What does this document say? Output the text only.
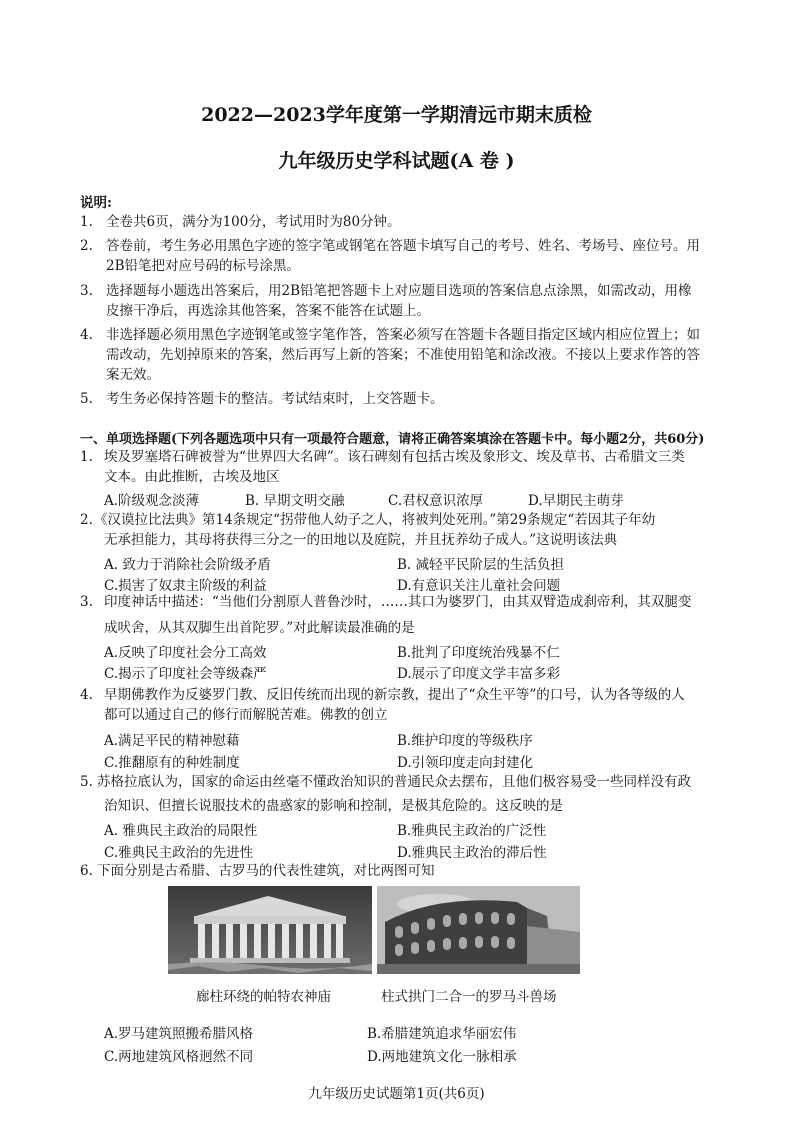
2022—2023学年度第一学期清远市期末质检
九年级历史学科试题(A 卷 )
说明:
1. 全卷共6页，满分为100分，考试用时为80分钟。
2. 答卷前，考生务必用黑色字迹的签字笔或钢笔在答题卡填写自己的考号、姓名、考场号、座位号。用
2B铅笔把对应号码的标号涂黑。
3. 选择题每小题选出答案后，用2B铅笔把答题卡上对应题目选项的答案信息点涂黑，如需改动，用橡
皮擦干净后，再选涂其他答案，答案不能答在试题上。
4. 非选择题必须用黑色字迹钢笔或签字笔作答，答案必须写在答题卡各题目指定区域内相应位置上；如
需改动，先划掉原来的答案，然后再写上新的答案；不准使用铅笔和涂改液。不接以上要求作答的答
案无效。
5. 考生务必保持答题卡的整洁。考试结束时，上交答题卡。
一、单项选择题(下列各题选项中只有一项最符合题意，请将正确答案填涂在答题卡中。每小题2分，共60分)
1. 埃及罗塞塔石碑被誉为“世界四大名碑”。该石碑刻有包括古埃及象形文、埃及草书、古希腊文三类
文本。由此推断，古埃及地区
A.阶级观念淡薄	B. 早期文明交融	C.君权意识浓厚	D.早期民主萌芽
2. 《汉谟拉比法典》第14条规定“拐带他人幼子之人，将被判处死刑。”第29条规定“若因其子年幼
无承担能力，其母将获得三分之一的田地以及庭院，并且抚养幼子成人。”这说明该法典
A. 致力于消除社会阶级矛盾	B. 减轻平民阶层的生活负担
C.损害了奴隶主阶级的利益	D.有意识关注儿童社会问题
3. 印度神话中描述：“当他们分割原人普鲁沙时，……其口为婆罗门，由其双臂造成刹帝利，其双腿变
成吠舍，从其双脚生出首陀罗。”对此解读最准确的是
A.反映了印度社会分工高效	B.批判了印度统治残暴不仁
C.揭示了印度社会等级森严	D.展示了印度文学丰富多彩
4. 早期佛教作为反婆罗门教、反旧传统而出现的新宗教，提出了“众生平等”的口号，认为各等级的人
都可以通过自己的修行而解脱苦难。佛教的创立
A.满足平民的精神慰藉	B.维护印度的等级秩序
C.推翻原有的种姓制度	D.引领印度走向封建化
5. 苏格拉底认为，国家的命运由丝毫不懂政治知识的普通民众去摆布，且他们极容易受一些同样没有政
治知识、但擅长说服技术的蛊惑家的影响和控制，是极其危险的。这反映的是
A. 雅典民主政治的局限性	B.雅典民主政治的广泛性
C.雅典民主政治的先进性	D.雅典民主政治的滞后性
6. 下面分别是古希腊、古罗马的代表性建筑，对比两图可知
廊柱环绕的帕特农神庙	柱式拱门二合一的罗马斗兽场
A.罗马建筑照搬希腊风格	B.希腊建筑追求华丽宏伟
C.两地建筑风格迥然不同	D.两地建筑文化一脉相承
九年级历史试题第1页(共6页)
